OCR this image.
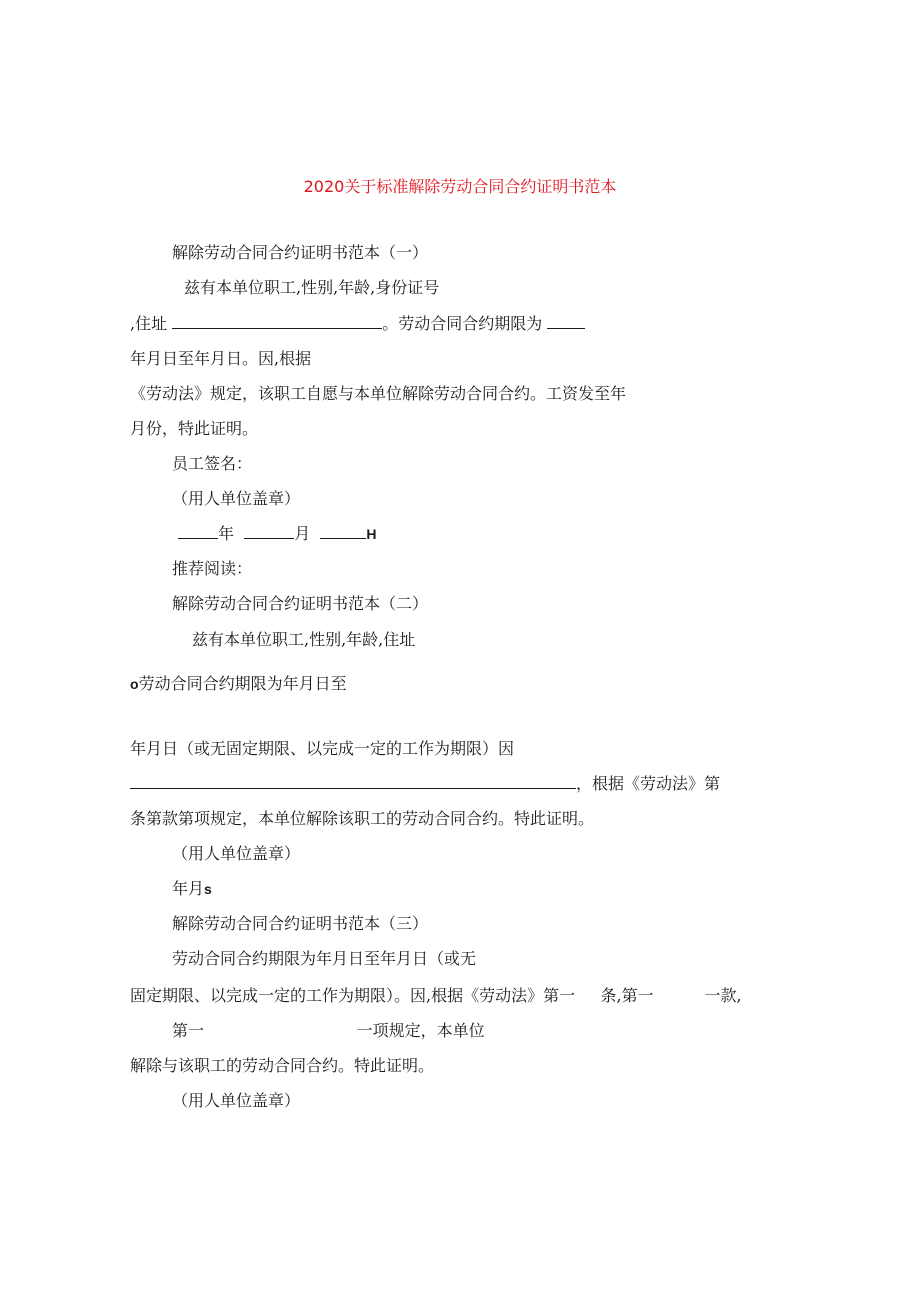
2020关于标准解除劳动合同合约证明书范本
解除劳动合同合约证明书范本（一）
兹有本单位职工,性别,年龄,身份证号
,住址	。劳动合同合约期限为
年月日至年月日。因,根据
《劳动法》规定，该职工自愿与本单位解除劳动合同合约。工资发至年
月份，特此证明。
员工签名：
（用人单位盖章）
年	月	H
推荐阅读：
解除劳动合同合约证明书范本（二）
兹有本单位职工,性别,年龄,住址
o劳动合同合约期限为年月日至
年月日（或无固定期限、以完成一定的工作为期限）因
，根据《劳动法》第
条第款第项规定，本单位解除该职工的劳动合同合约。特此证明。
（用人单位盖章）
年月s
解除劳动合同合约证明书范本（三）
劳动合同合约期限为年月日至年月日（或无
固定期限、以完成一定的工作为期限）。因,根据《劳动法》第一 条,第一	一款,
第一	一项规定，本单位
解除与该职工的劳动合同合约。特此证明。
（用人单位盖章）
